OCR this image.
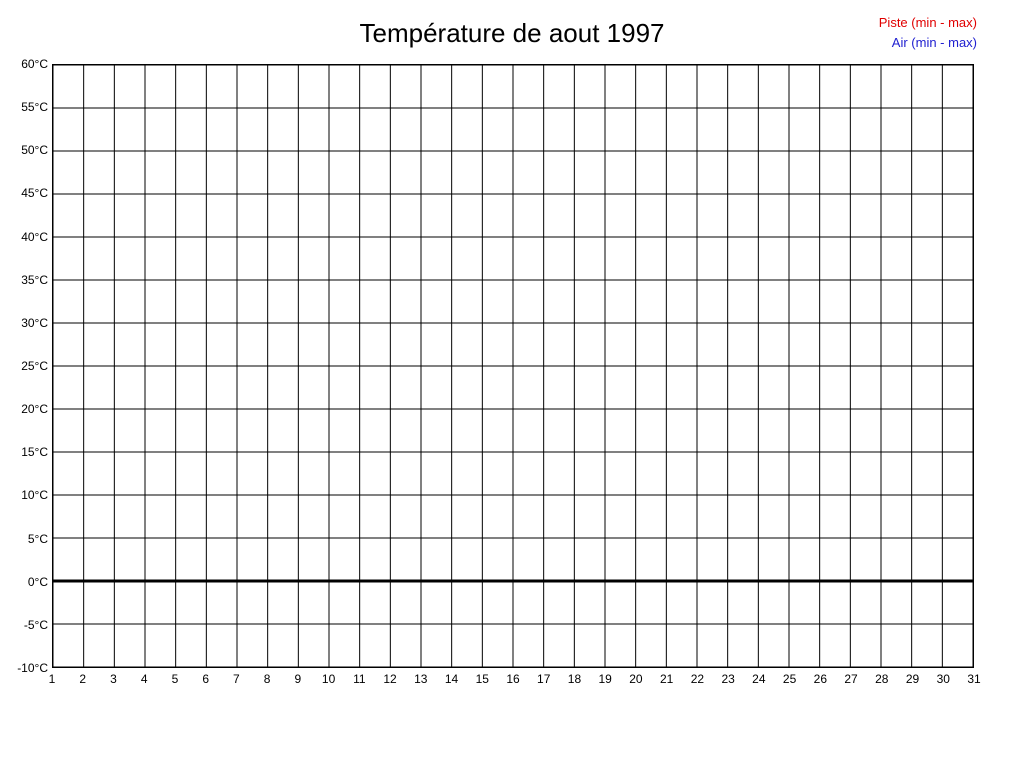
Température de aout 1997	Piste (min - max)
Air (min - max)
60°C
55°C
50°C
45°C
40°C
35°C
30°C
25°C
20°C
15°C
10°C
5°C
0°C
-5°C
-10°C
1 2 3 4 5 6 7 8 9 10 11 12 13 14 15 16 17 18 19 20 21 22 23 24 25 26 27 28 29 30 31
